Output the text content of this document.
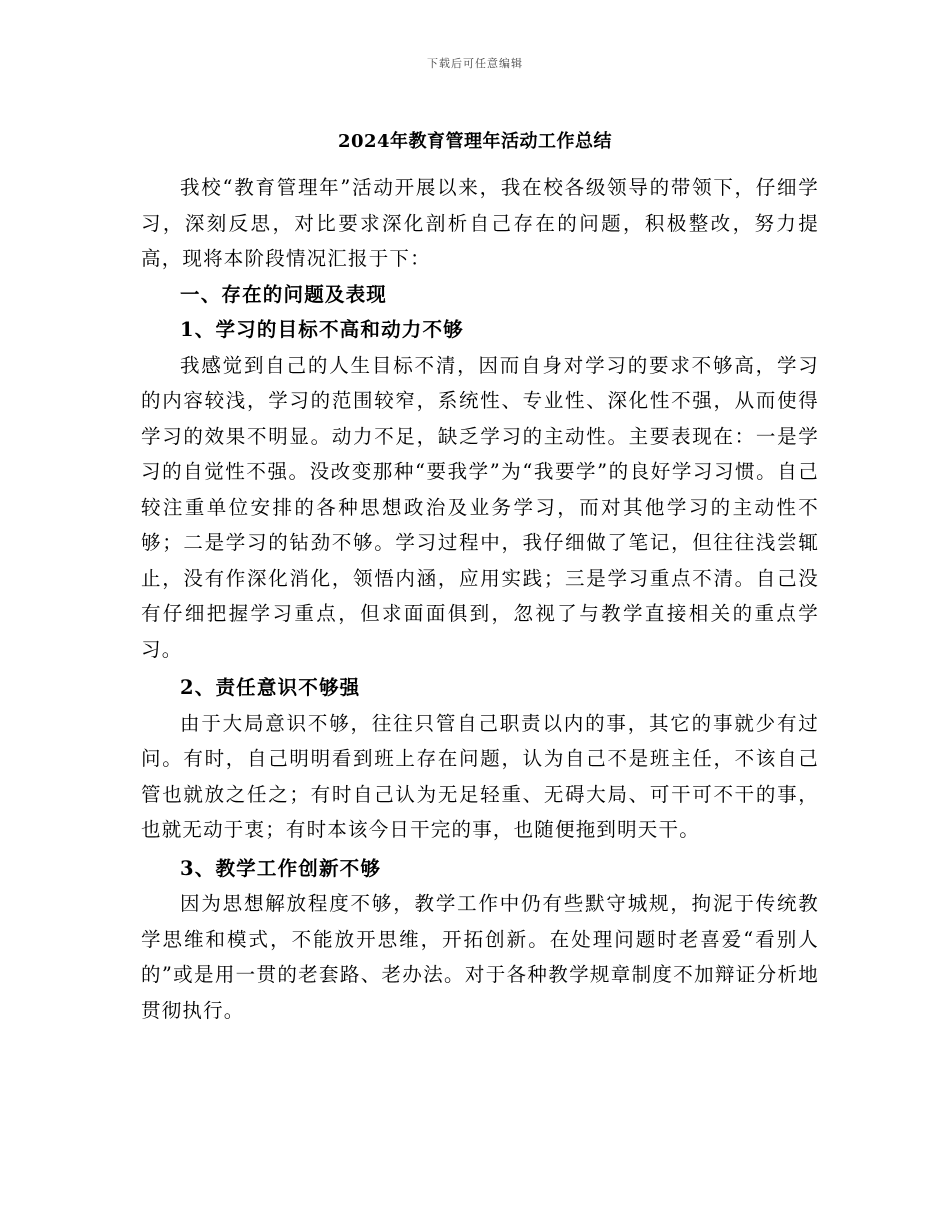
下载后可任意编辑
2024年教育管理年活动工作总结

我校“教育管理年”活动开展以来，我在校各级领导的带领下，仔细学习，深刻反思，对比要求深化剖析自己存在的问题，积极整改，努力提高，现将本阶段情况汇报于下：

一、存在的问题及表现
1、学习的目标不高和动力不够

我感觉到自己的人生目标不清，因而自身对学习的要求不够高，学习的内容较浅，学习的范围较窄，系统性、专业性、深化性不强，从而使得学习的效果不明显。动力不足，缺乏学习的主动性。主要表现在：一是学习的自觉性不强。没改变那种“要我学”为“我要学”的良好学习习惯。自己较注重单位安排的各种思想政治及业务学习，而对其他学习的主动性不够；二是学习的钻劲不够。学习过程中，我仔细做了笔记，但往往浅尝辄止，没有作深化消化，领悟内涵，应用实践；三是学习重点不清。自己没有仔细把握学习重点，但求面面俱到，忽视了与教学直接相关的重点学习。

2、责任意识不够强

由于大局意识不够，往往只管自己职责以内的事，其它的事就少有过问。有时，自己明明看到班上存在问题，认为自己不是班主任，不该自己管也就放之任之；有时自己认为无足轻重、无碍大局、可干可不干的事，也就无动于衷；有时本该今日干完的事，也随便拖到明天干。

3、教学工作创新不够

因为思想解放程度不够，教学工作中仍有些默守城规，拘泥于传统教学思维和模式，不能放开思维，开拓创新。在处理问题时老喜爱“看别人的”或是用一贯的老套路、老办法。对于各种教学规章制度不加辩证分析地贯彻执行。
